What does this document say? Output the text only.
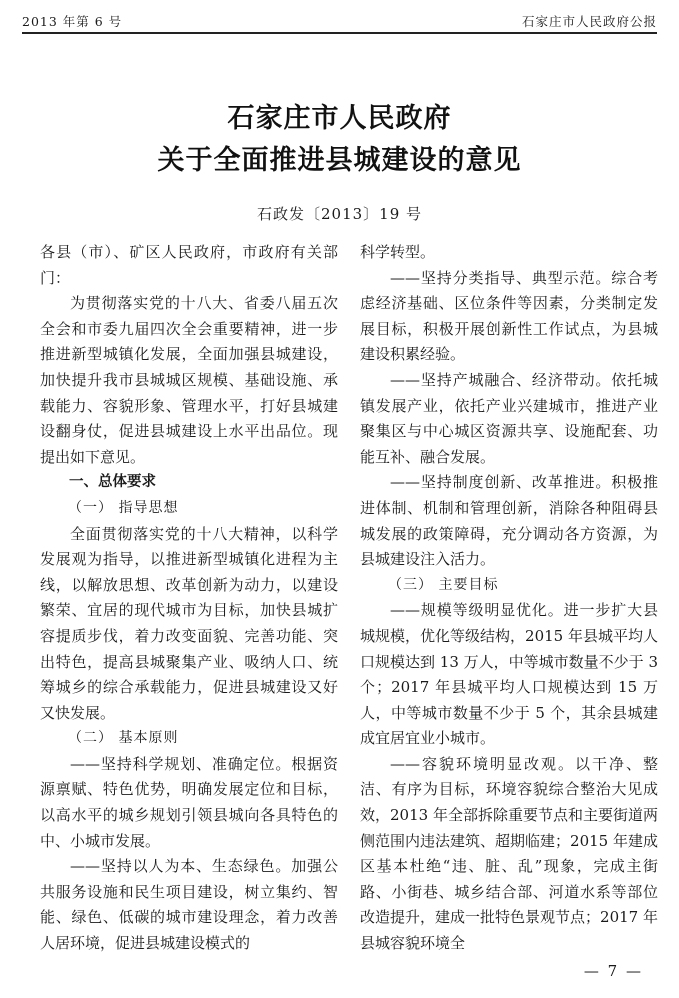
2013 年第 6 号	石家庄市人民政府公报
石家庄市人民政府
关于全面推进县城建设的意见
石政发〔2013〕19 号

各县（市）、矿区人民政府，市政府有关部门：

为贯彻落实党的十八大、省委八届五次全会和市委九届四次全会重要精神，进一步推进新型城镇化发展，全面加强县城建设，加快提升我市县城城区规模、基础设施、承载能力、容貌形象、管理水平，打好县城建设翻身仗，促进县城建设上水平出品位。现提出如下意见。

一、总体要求

（一） 指导思想

全面贯彻落实党的十八大精神，以科学发展观为指导，以推进新型城镇化进程为主线，以解放思想、改革创新为动力，以建设繁荣、宜居的现代城市为目标，加快县城扩容提质步伐，着力改变面貌、完善功能、突出特色，提高县城聚集产业、吸纳人口、统筹城乡的综合承载能力，促进县城建设又好又快发展。

（二） 基本原则

——坚持科学规划、准确定位。根据资源禀赋、特色优势，明确发展定位和目标，以高水平的城乡规划引领县城向各具特色的中、小城市发展。

——坚持以人为本、生态绿色。加强公共服务设施和民生项目建设，树立集约、智能、绿色、低碳的城市建设理念，着力改善人居环境，促进县城建设模式的

科学转型。

——坚持分类指导、典型示范。综合考虑经济基础、区位条件等因素，分类制定发展目标，积极开展创新性工作试点，为县城建设积累经验。

——坚持产城融合、经济带动。依托城镇发展产业，依托产业兴建城市，推进产业聚集区与中心城区资源共享、设施配套、功能互补、融合发展。

——坚持制度创新、改革推进。积极推进体制、机制和管理创新，消除各种阻碍县城发展的政策障碍，充分调动各方资源，为县城建设注入活力。

（三） 主要目标

——规模等级明显优化。进一步扩大县城规模，优化等级结构，2015 年县城平均人口规模达到 13 万人，中等城市数量不少于 3 个；2017 年县城平均人口规模达到 15 万人，中等城市数量不少于 5 个，其余县城建成宜居宜业小城市。

——容貌环境明显改观。以干净、整洁、有序为目标，环境容貌综合整治大见成效，2013 年全部拆除重要节点和主要街道两侧范围内违法建筑、超期临建；2015 年建成区基本杜绝“违、脏、乱”现象，完成主街路、小街巷、城乡结合部、河道水系等部位改造提升，建成一批特色景观节点；2017 年县城容貌环境全

— 7 —
